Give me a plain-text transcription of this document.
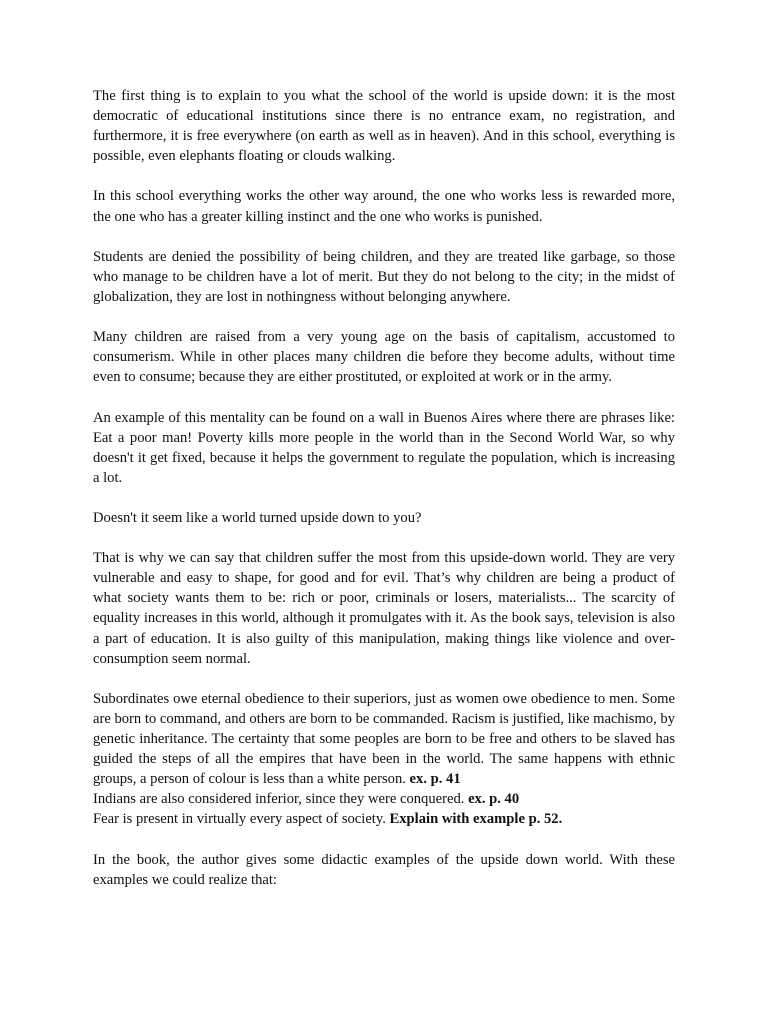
The first thing is to explain to you what the school of the world is upside down: it is the most democratic of educational institutions since there is no entrance exam, no registration, and furthermore, it is free everywhere (on earth as well as in heaven). And in this school, everything is possible, even elephants floating or clouds walking.

In this school everything works the other way around, the one who works less is rewarded more, the one who has a greater killing instinct and the one who works is punished.

Students are denied the possibility of being children, and they are treated like garbage, so those who manage to be children have a lot of merit. But they do not belong to the city; in the midst of globalization, they are lost in nothingness without belonging anywhere.

Many children are raised from a very young age on the basis of capitalism, accustomed to consumerism. While in other places many children die before they become adults, without time even to consume; because they are either prostituted, or exploited at work or in the army.

An example of this mentality can be found on a wall in Buenos Aires where there are phrases like: Eat a poor man! Poverty kills more people in the world than in the Second World War, so why doesn't it get fixed, because it helps the government to regulate the population, which is increasing a lot.

Doesn't it seem like a world turned upside down to you?

That is why we can say that children suffer the most from this upside-down world. They are very vulnerable and easy to shape, for good and for evil. That’s why children are being a product of what society wants them to be: rich or poor, criminals or losers, materialists... The scarcity of equality increases in this world, although it promulgates with it. As the book says, television is also a part of education. It is also guilty of this manipulation, making things like violence and over-consumption seem normal.

Subordinates owe eternal obedience to their superiors, just as women owe obedience to men. Some are born to command, and others are born to be commanded. Racism is justified, like machismo, by genetic inheritance. The certainty that some peoples are born to be free and others to be slaved has guided the steps of all the empires that have been in the world. The same happens with ethnic groups, a person of colour is less than a white person. ex. p. 41
Indians are also considered inferior, since they were conquered. ex. p. 40
Fear is present in virtually every aspect of society. Explain with example p. 52.

In the book, the author gives some didactic examples of the upside down world. With these examples we could realize that:
